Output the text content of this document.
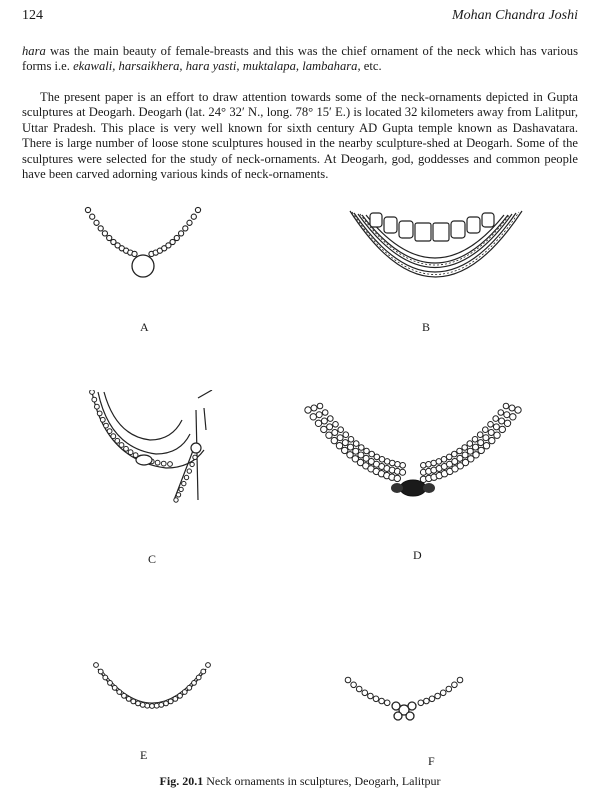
124	Mohan Chandra Joshi
hara was the main beauty of female-breasts and this was the chief ornament of the neck which has various forms i.e. ekawali, harsaikhera, hara yasti, muktalapa, lambahara, etc.
The present paper is an effort to draw attention towards some of the neck-ornaments depicted in Gupta sculptures at Deogarh. Deogarh (lat. 24° 32′ N., long. 78° 15′ E.) is located 32 kilometers away from Lalitpur, Uttar Pradesh. This place is very well known for sixth century AD Gupta temple known as Dashavatara. There is large number of loose stone sculptures housed in the nearby sculpture-shed at Deogarh. Some of the sculptures were selected for the study of neck-ornaments. At Deogarh, god, goddesses and common people have been carved adorning various kinds of neck-ornaments.
A	B
C	D
E	F
Fig. 20.1 Neck ornaments in sculptures, Deogarh, Lalitpur
